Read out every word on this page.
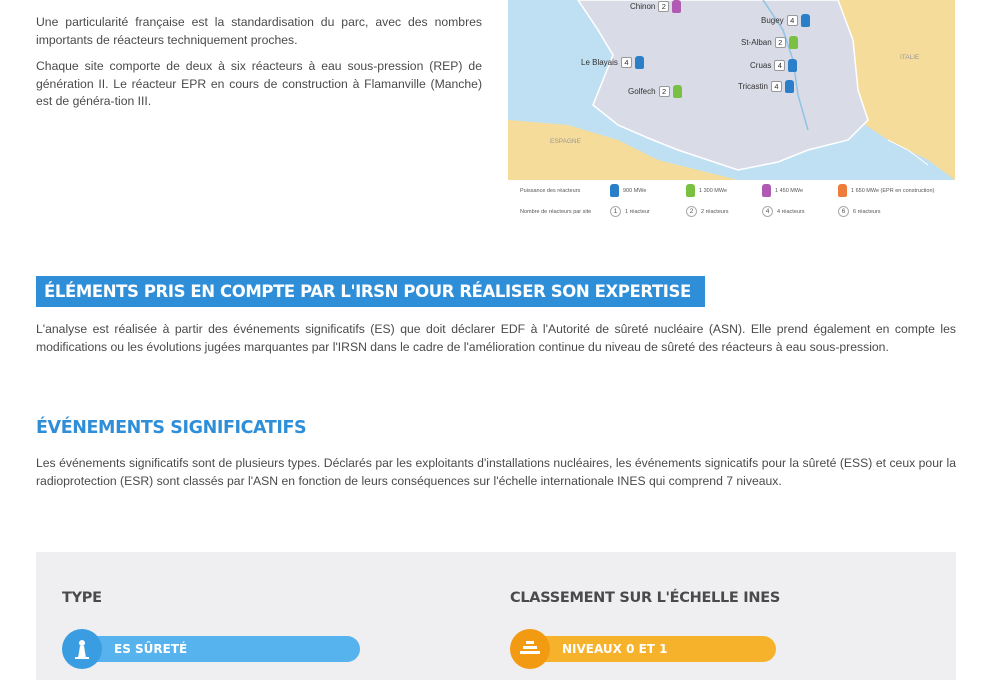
Une particularité française est la standardisation du parc, avec des nombres importants de réacteurs techniquement proches.

Chaque site comporte de deux à six réacteurs à eau sous-pression (REP) de génération II. Le réacteur EPR en cours de construction à Flamanville (Manche) est de généra-tion III.

Chinon 2
Bugey 4
St-Alban 2
Le Blayais 4	Cruas 4
Golfech 2
Tricastin 4
ESPAGNE
ITALIE
Puissance des réacteurs	900 MWe	1 300 MWe	1 450 MWe	1 650 MWe (EPR en construction)
Nombre de réacteurs par site	1	1 réacteur	2	2 réacteurs	4	4 réacteurs	6	6 réacteurs
ÉLÉMENTS PRIS EN COMPTE PAR L'IRSN POUR RÉALISER SON EXPERTISE

L'analyse est réalisée à partir des événements significatifs (ES) que doit déclarer EDF à l'Autorité de sûreté nucléaire (ASN). Elle prend également en compte les modifications ou les évolutions jugées marquantes par l'IRSN dans le cadre de l'amélioration continue du niveau de sûreté des réacteurs à eau sous-pression.

ÉVÉNEMENTS SIGNIFICATIFS

Les événements significatifs sont de plusieurs types. Déclarés par les exploitants d'installations nucléaires, les événements signicatifs pour la sûreté (ESS) et ceux pour la radioprotection (ESR) sont classés par l'ASN en fonction de leurs conséquences sur l'échelle internationale INES qui comprend 7 niveaux.

TYPE	CLASSEMENT SUR L'ÉCHELLE INES
ES SÛRETÉ	NIVEAUX 0 ET 1
